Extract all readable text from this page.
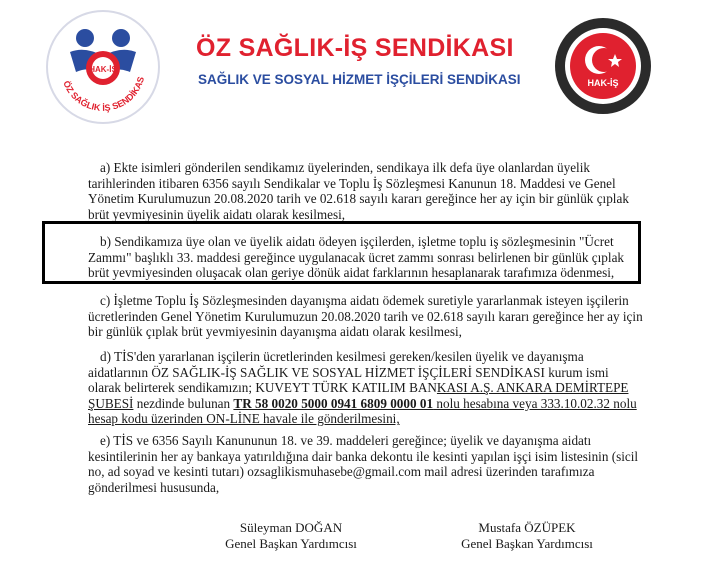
HAK-İŞ
ÖZ SAĞLIK İŞ SENDİKAS
ÖZ SAĞLIK-İŞ SENDİKASI
SAĞLIK VE SOSYAL HİZMET İŞÇİLERİ SENDİKASI	HAK-İŞ

a) Ekte isimleri gönderilen sendikamız üyelerinden, sendikaya ilk defa üye olanlardan üyelik tarihlerinden itibaren 6356 sayılı Sendikalar ve Toplu İş Sözleşmesi Kanunun 18. Maddesi ve Genel Yönetim Kurulumuzun 20.08.2020 tarih ve 02.618 sayılı kararı gereğince her ay için bir günlük çıplak brüt yevmiyesinin üyelik aidatı olarak kesilmesi,

b) Sendikamıza üye olan ve üyelik aidatı ödeyen işçilerden, işletme toplu iş sözleşmesinin "Ücret Zammı" başlıklı 33. maddesi gereğince uygulanacak ücret zammı sonrası belirlenen bir günlük çıplak brüt yevmiyesinden oluşacak olan geriye dönük aidat farklarının hesaplanarak tarafımıza ödenmesi,

c) İşletme Toplu İş Sözleşmesinden dayanışma aidatı ödemek suretiyle yararlanmak isteyen işçilerin ücretlerinden Genel Yönetim Kurulumuzun 20.08.2020 tarih ve 02.618 sayılı kararı gereğince her ay için bir günlük çıplak brüt yevmiyesinin dayanışma aidatı olarak kesilmesi,

d) TİS'den yararlanan işçilerin ücretlerinden kesilmesi gereken/kesilen üyelik ve dayanışma aidatlarının ÖZ SAĞLIK-İŞ SAĞLIK VE SOSYAL HİZMET İŞÇİLERİ SENDİKASI kurum ismi olarak belirterek sendikamızın; KUVEYT TÜRK KATILIM BANKASI A.Ş. ANKARA DEMİRTEPE ŞUBESİ nezdinde bulunan TR 58 0020 5000 0941 6809 0000 01 nolu hesabına veya 333.10.02.32 nolu hesap kodu üzerinden ON-LİNE havale ile gönderilmesini,

e) TİS ve 6356 Sayılı Kanununun 18. ve 39. maddeleri gereğince; üyelik ve dayanışma aidatı kesintilerinin her ay bankaya yatırıldığına dair banka dekontu ile kesinti yapılan işçi isim listesinin (sicil no, ad soyad ve kesinti tutarı) ozsaglikismuhasebe@gmail.com mail adresi üzerinden tarafımıza gönderilmesi hususunda,

Süleyman DOĞAN
Genel Başkan Yardımcısı
Mustafa ÖZÜPEK
Genel Başkan Yardımcısı
